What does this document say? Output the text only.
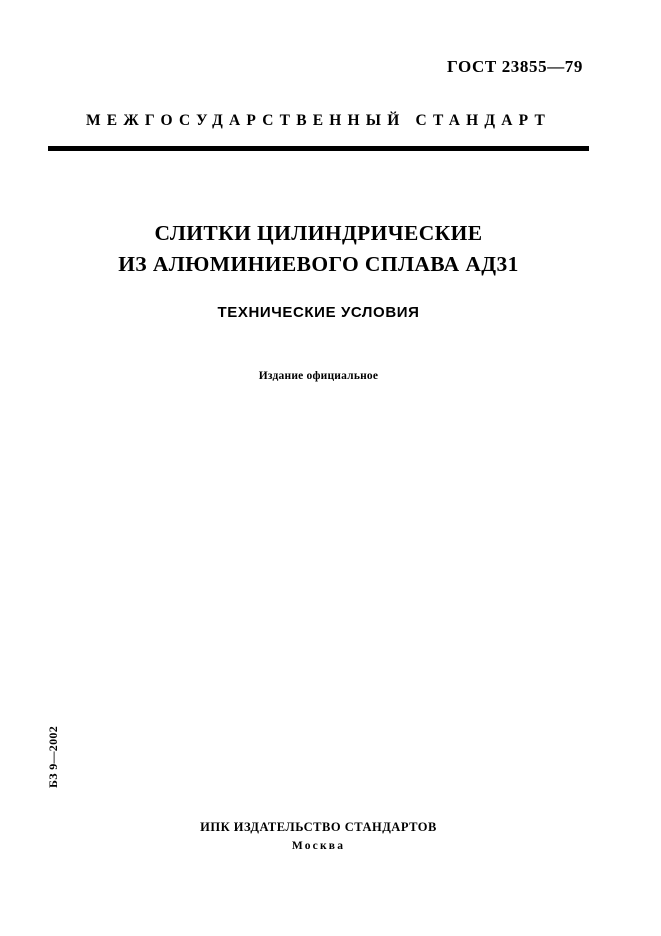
ГОСТ 23855—79
МЕЖГОСУДАРСТВЕННЫЙ СТАНДАРТ
СЛИТКИ ЦИЛИНДРИЧЕСКИЕ
ИЗ АЛЮМИНИЕВОГО СПЛАВА АД31
ТЕХНИЧЕСКИЕ УСЛОВИЯ
Издание официальное
БЗ 9—2002
ИПК ИЗДАТЕЛЬСТВО СТАНДАРТОВ
Москва
